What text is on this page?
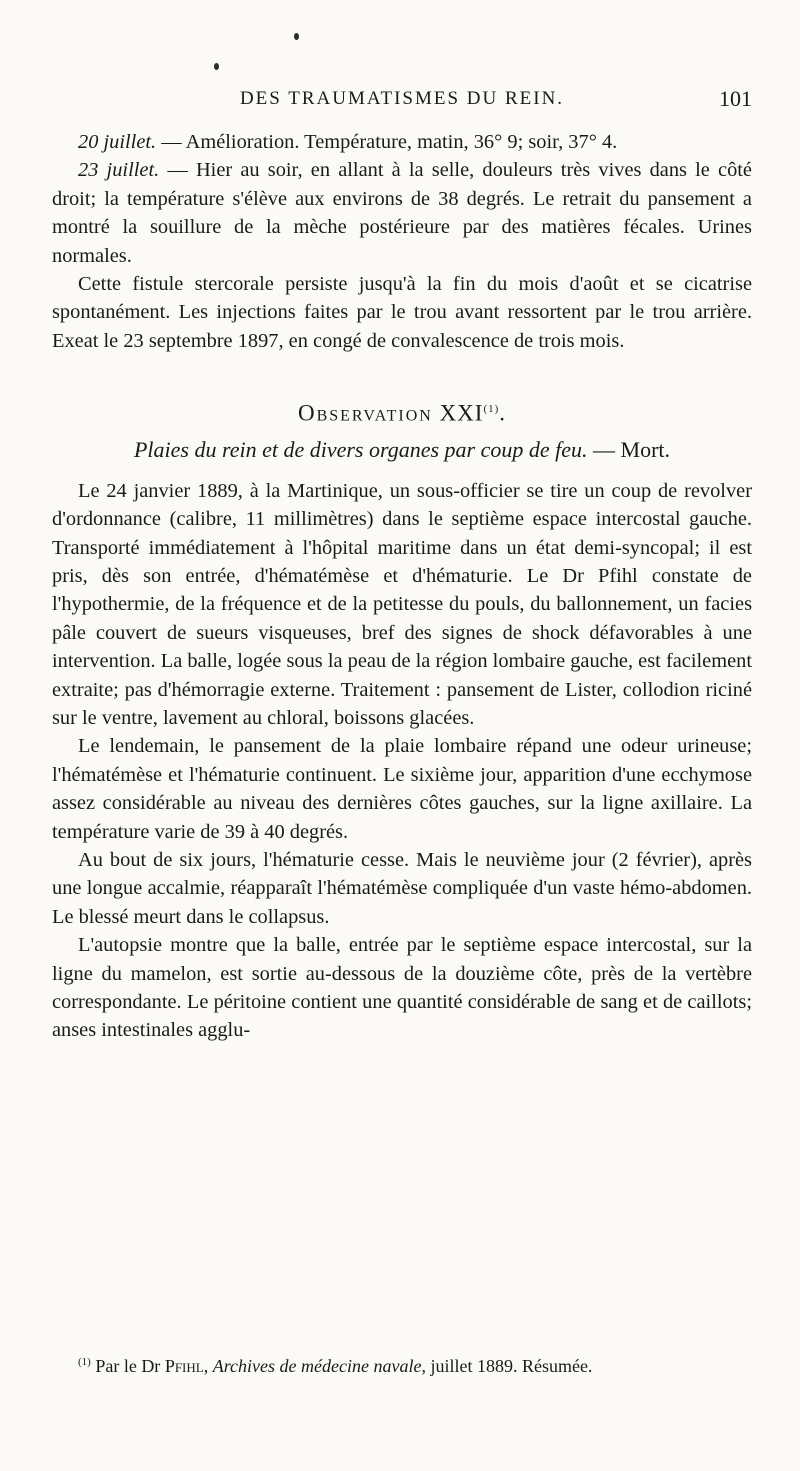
DES TRAUMATISMES DU REIN.	101

20 juillet. — Amélioration. Température, matin, 36° 9; soir, 37° 4.

23 juillet. — Hier au soir, en allant à la selle, douleurs très vives dans le côté droit; la température s'élève aux environs de 38 degrés. Le retrait du pansement a montré la souillure de la mèche postérieure par des matières fécales. Urines normales.

Cette fistule stercorale persiste jusqu'à la fin du mois d'août et se cicatrise spontanément. Les injections faites par le trou avant ressortent par le trou arrière. Exeat le 23 septembre 1897, en congé de convalescence de trois mois.

Observation XXI$^{(1)}$.
Plaies du rein et de divers organes par coup de feu. — Mort.

Le 24 janvier 1889, à la Martinique, un sous-officier se tire un coup de revolver d'ordonnance (calibre, 11 millimètres) dans le septième espace intercostal gauche. Transporté immédiatement à l'hôpital maritime dans un état demi-syncopal; il est pris, dès son entrée, d'hématémèse et d'hématurie. Le Dr Pfihl constate de l'hypothermie, de la fréquence et de la petitesse du pouls, du ballonnement, un facies pâle couvert de sueurs visqueuses, bref des signes de shock défavorables à une intervention. La balle, logée sous la peau de la région lombaire gauche, est facilement extraite; pas d'hémorragie externe. Traitement : pansement de Lister, collodion riciné sur le ventre, lavement au chloral, boissons glacées.

Le lendemain, le pansement de la plaie lombaire répand une odeur urineuse; l'hématémèse et l'hématurie continuent. Le sixième jour, apparition d'une ecchymose assez considérable au niveau des dernières côtes gauches, sur la ligne axillaire. La température varie de 39 à 40 degrés.

Au bout de six jours, l'hématurie cesse. Mais le neuvième jour (2 février), après une longue accalmie, réapparaît l'hématémèse compliquée d'un vaste hémo-abdomen. Le blessé meurt dans le collapsus.

L'autopsie montre que la balle, entrée par le septième espace intercostal, sur la ligne du mamelon, est sortie au-dessous de la douzième côte, près de la vertèbre correspondante. Le péritoine contient une quantité considérable de sang et de caillots; anses intestinales agglu-

$^{(1)}$ Par le Dr Pfihl, Archives de médecine navale, juillet 1889. Résumée.
